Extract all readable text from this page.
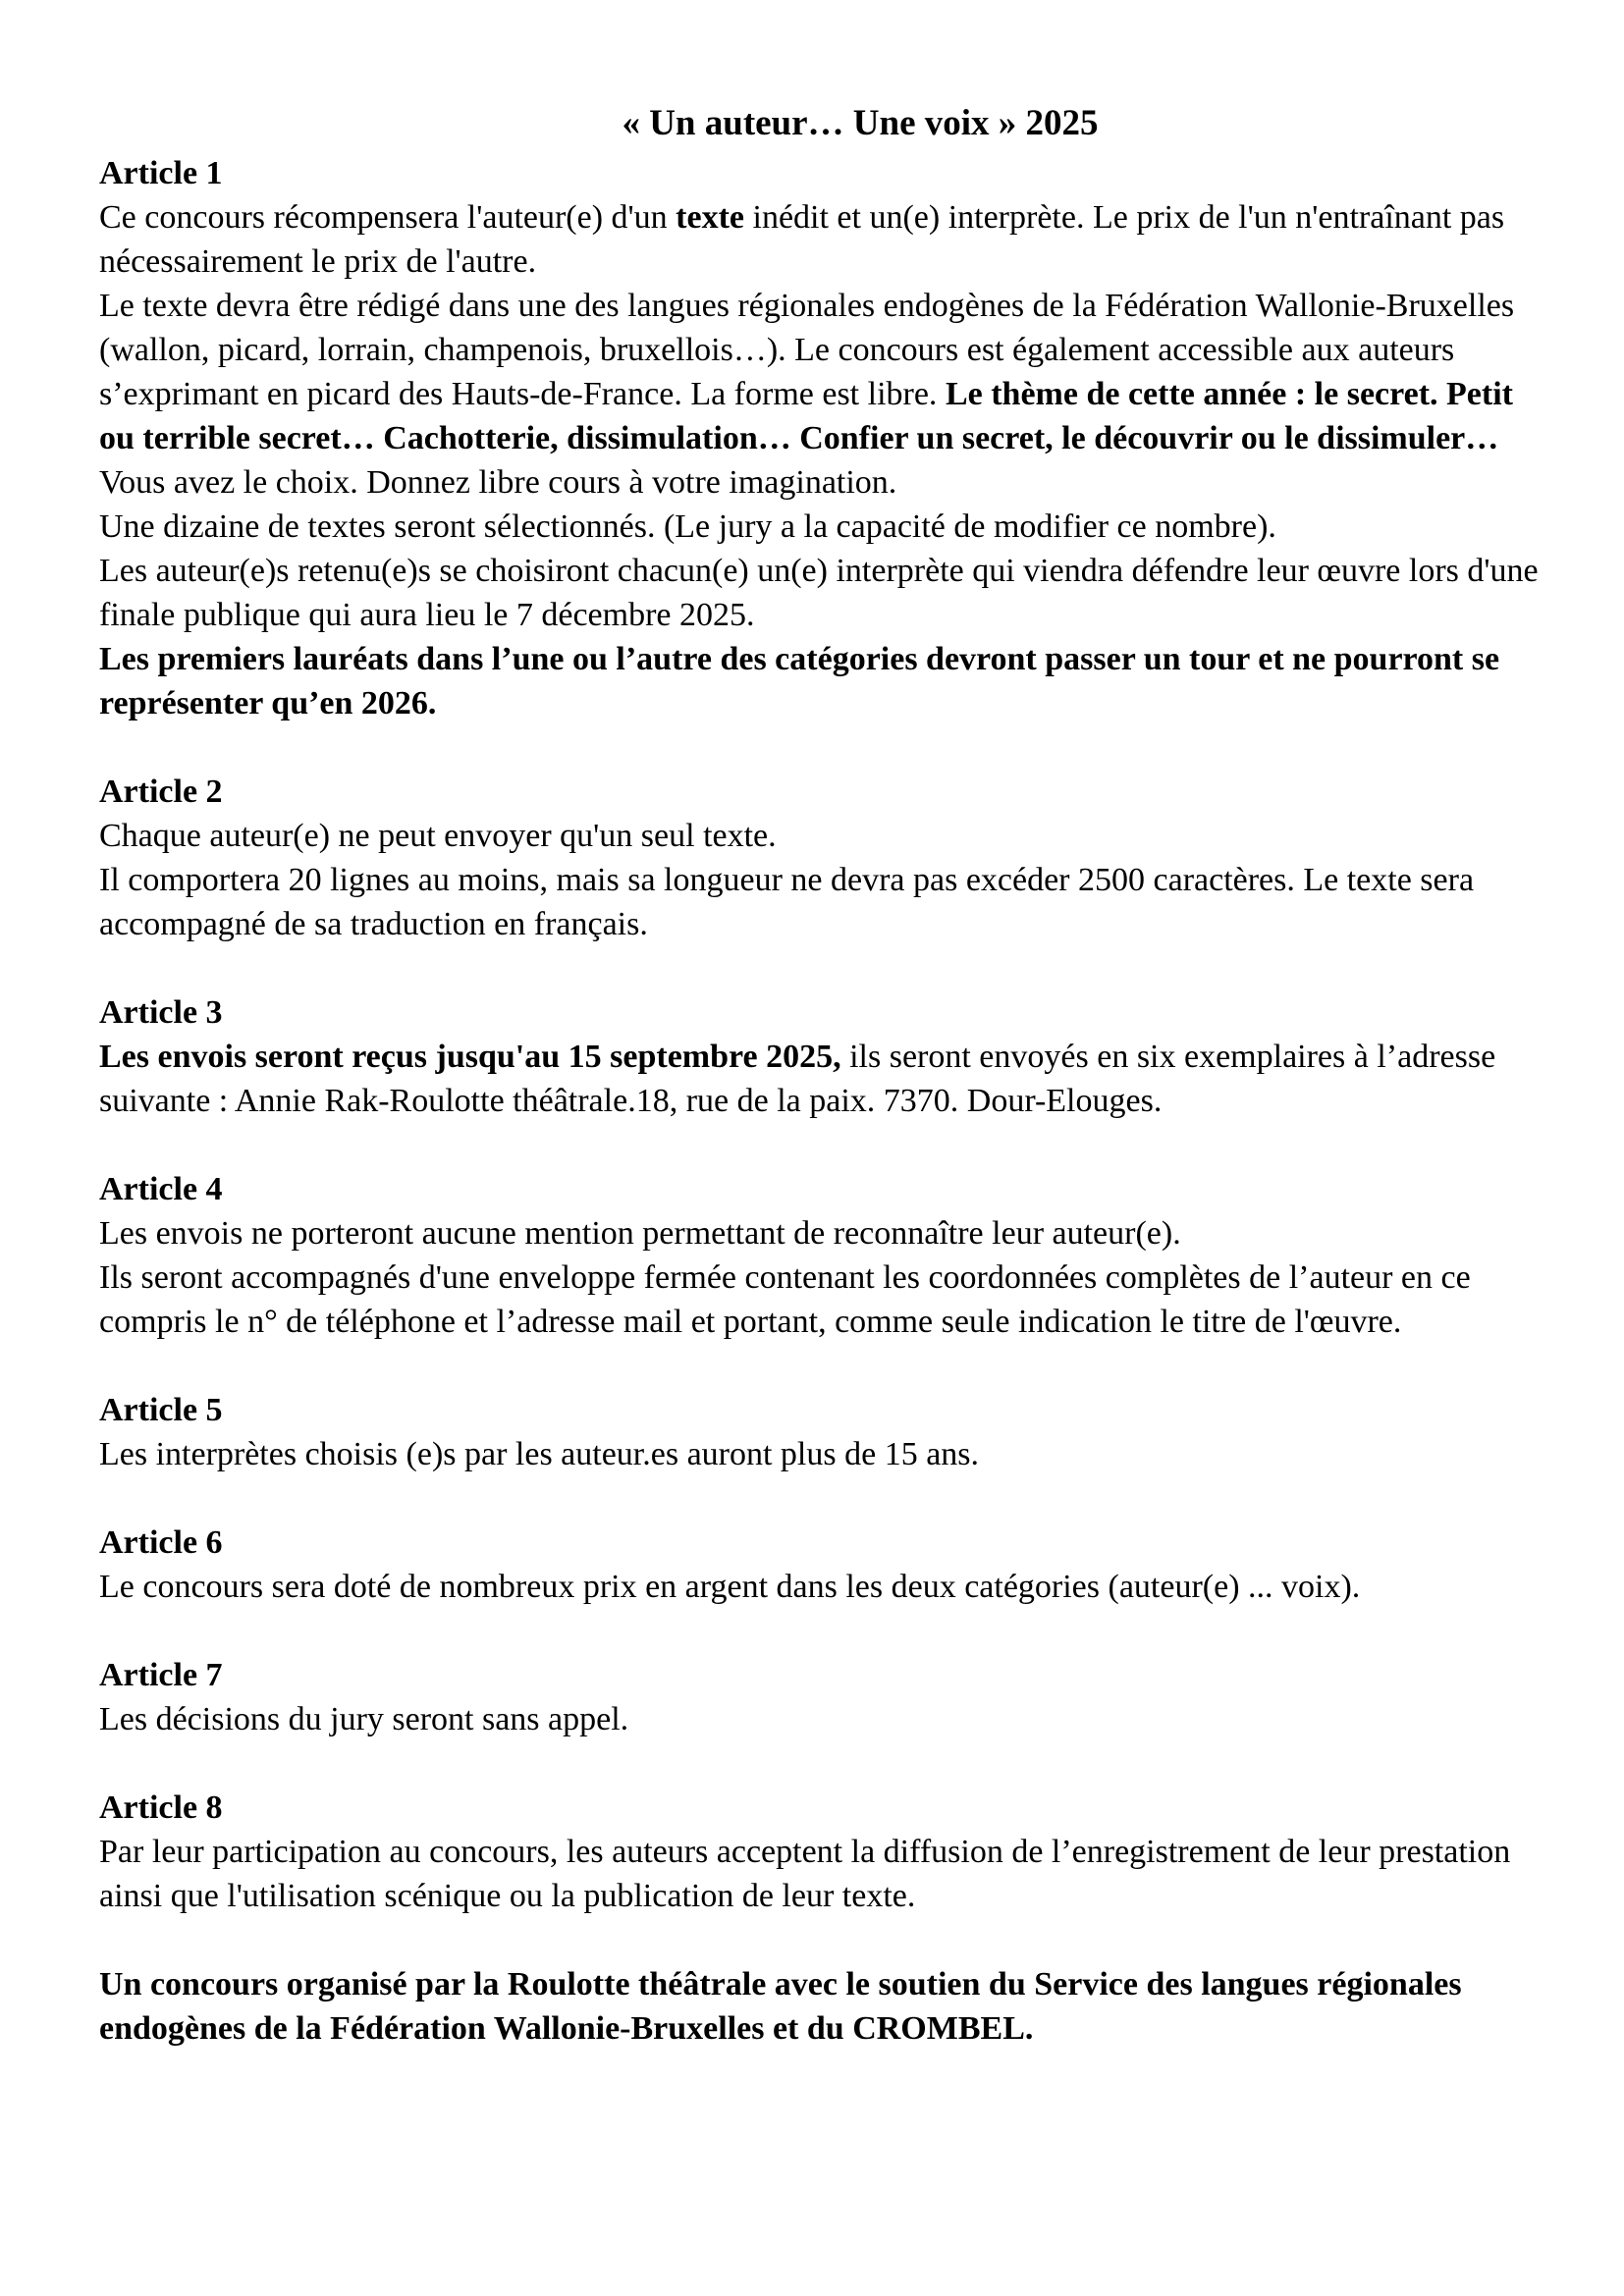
« Un auteur… Une voix » 2025
Article 1

Ce concours récompensera l'auteur(e) d'un texte inédit et un(e) interprète. Le prix de l'un n'entraînant pas nécessairement le prix de l'autre.

Le texte devra être rédigé dans une des langues régionales endogènes de la Fédération Wallonie-Bruxelles (wallon, picard, lorrain, champenois, bruxellois…). Le concours est également accessible aux auteurs s’exprimant en picard des Hauts-de-France. La forme est libre. Le thème de cette année : le secret. Petit ou terrible secret… Cachotterie, dissimulation… Confier un secret, le découvrir ou le dissimuler… Vous avez le choix. Donnez libre cours à votre imagination.

Une dizaine de textes seront sélectionnés. (Le jury a la capacité de modifier ce nombre).

Les auteur(e)s retenu(e)s se choisiront chacun(e) un(e) interprète qui viendra défendre leur œuvre lors d'une finale publique qui aura lieu le 7 décembre 2025.

Les premiers lauréats dans l’une ou l’autre des catégories devront passer un tour et ne pourront se représenter qu’en 2026.

Article 2

Chaque auteur(e) ne peut envoyer qu'un seul texte.

Il comportera 20 lignes au moins, mais sa longueur ne devra pas excéder 2500 caractères. Le texte sera accompagné de sa traduction en français.

Article 3

Les envois seront reçus jusqu'au 15 septembre 2025, ils seront envoyés en six exemplaires à l’adresse suivante : Annie Rak-Roulotte théâtrale.18, rue de la paix. 7370. Dour-Elouges.

Article 4

Les envois ne porteront aucune mention permettant de reconnaître leur auteur(e).

Ils seront accompagnés d'une enveloppe fermée contenant les coordonnées complètes de l’auteur en ce compris le n° de téléphone et l’adresse mail et portant, comme seule indication le titre de l'œuvre.

Article 5

Les interprètes choisis (e)s par les auteur.es auront plus de 15 ans.

Article 6

Le concours sera doté de nombreux prix en argent dans les deux catégories (auteur(e) ... voix).

Article 7

Les décisions du jury seront sans appel.

Article 8

Par leur participation au concours, les auteurs acceptent la diffusion de l’enregistrement de leur prestation ainsi que l'utilisation scénique ou la publication de leur texte.

Un concours organisé par la Roulotte théâtrale avec le soutien du Service des langues régionales endogènes de la Fédération Wallonie-Bruxelles et du CROMBEL.
